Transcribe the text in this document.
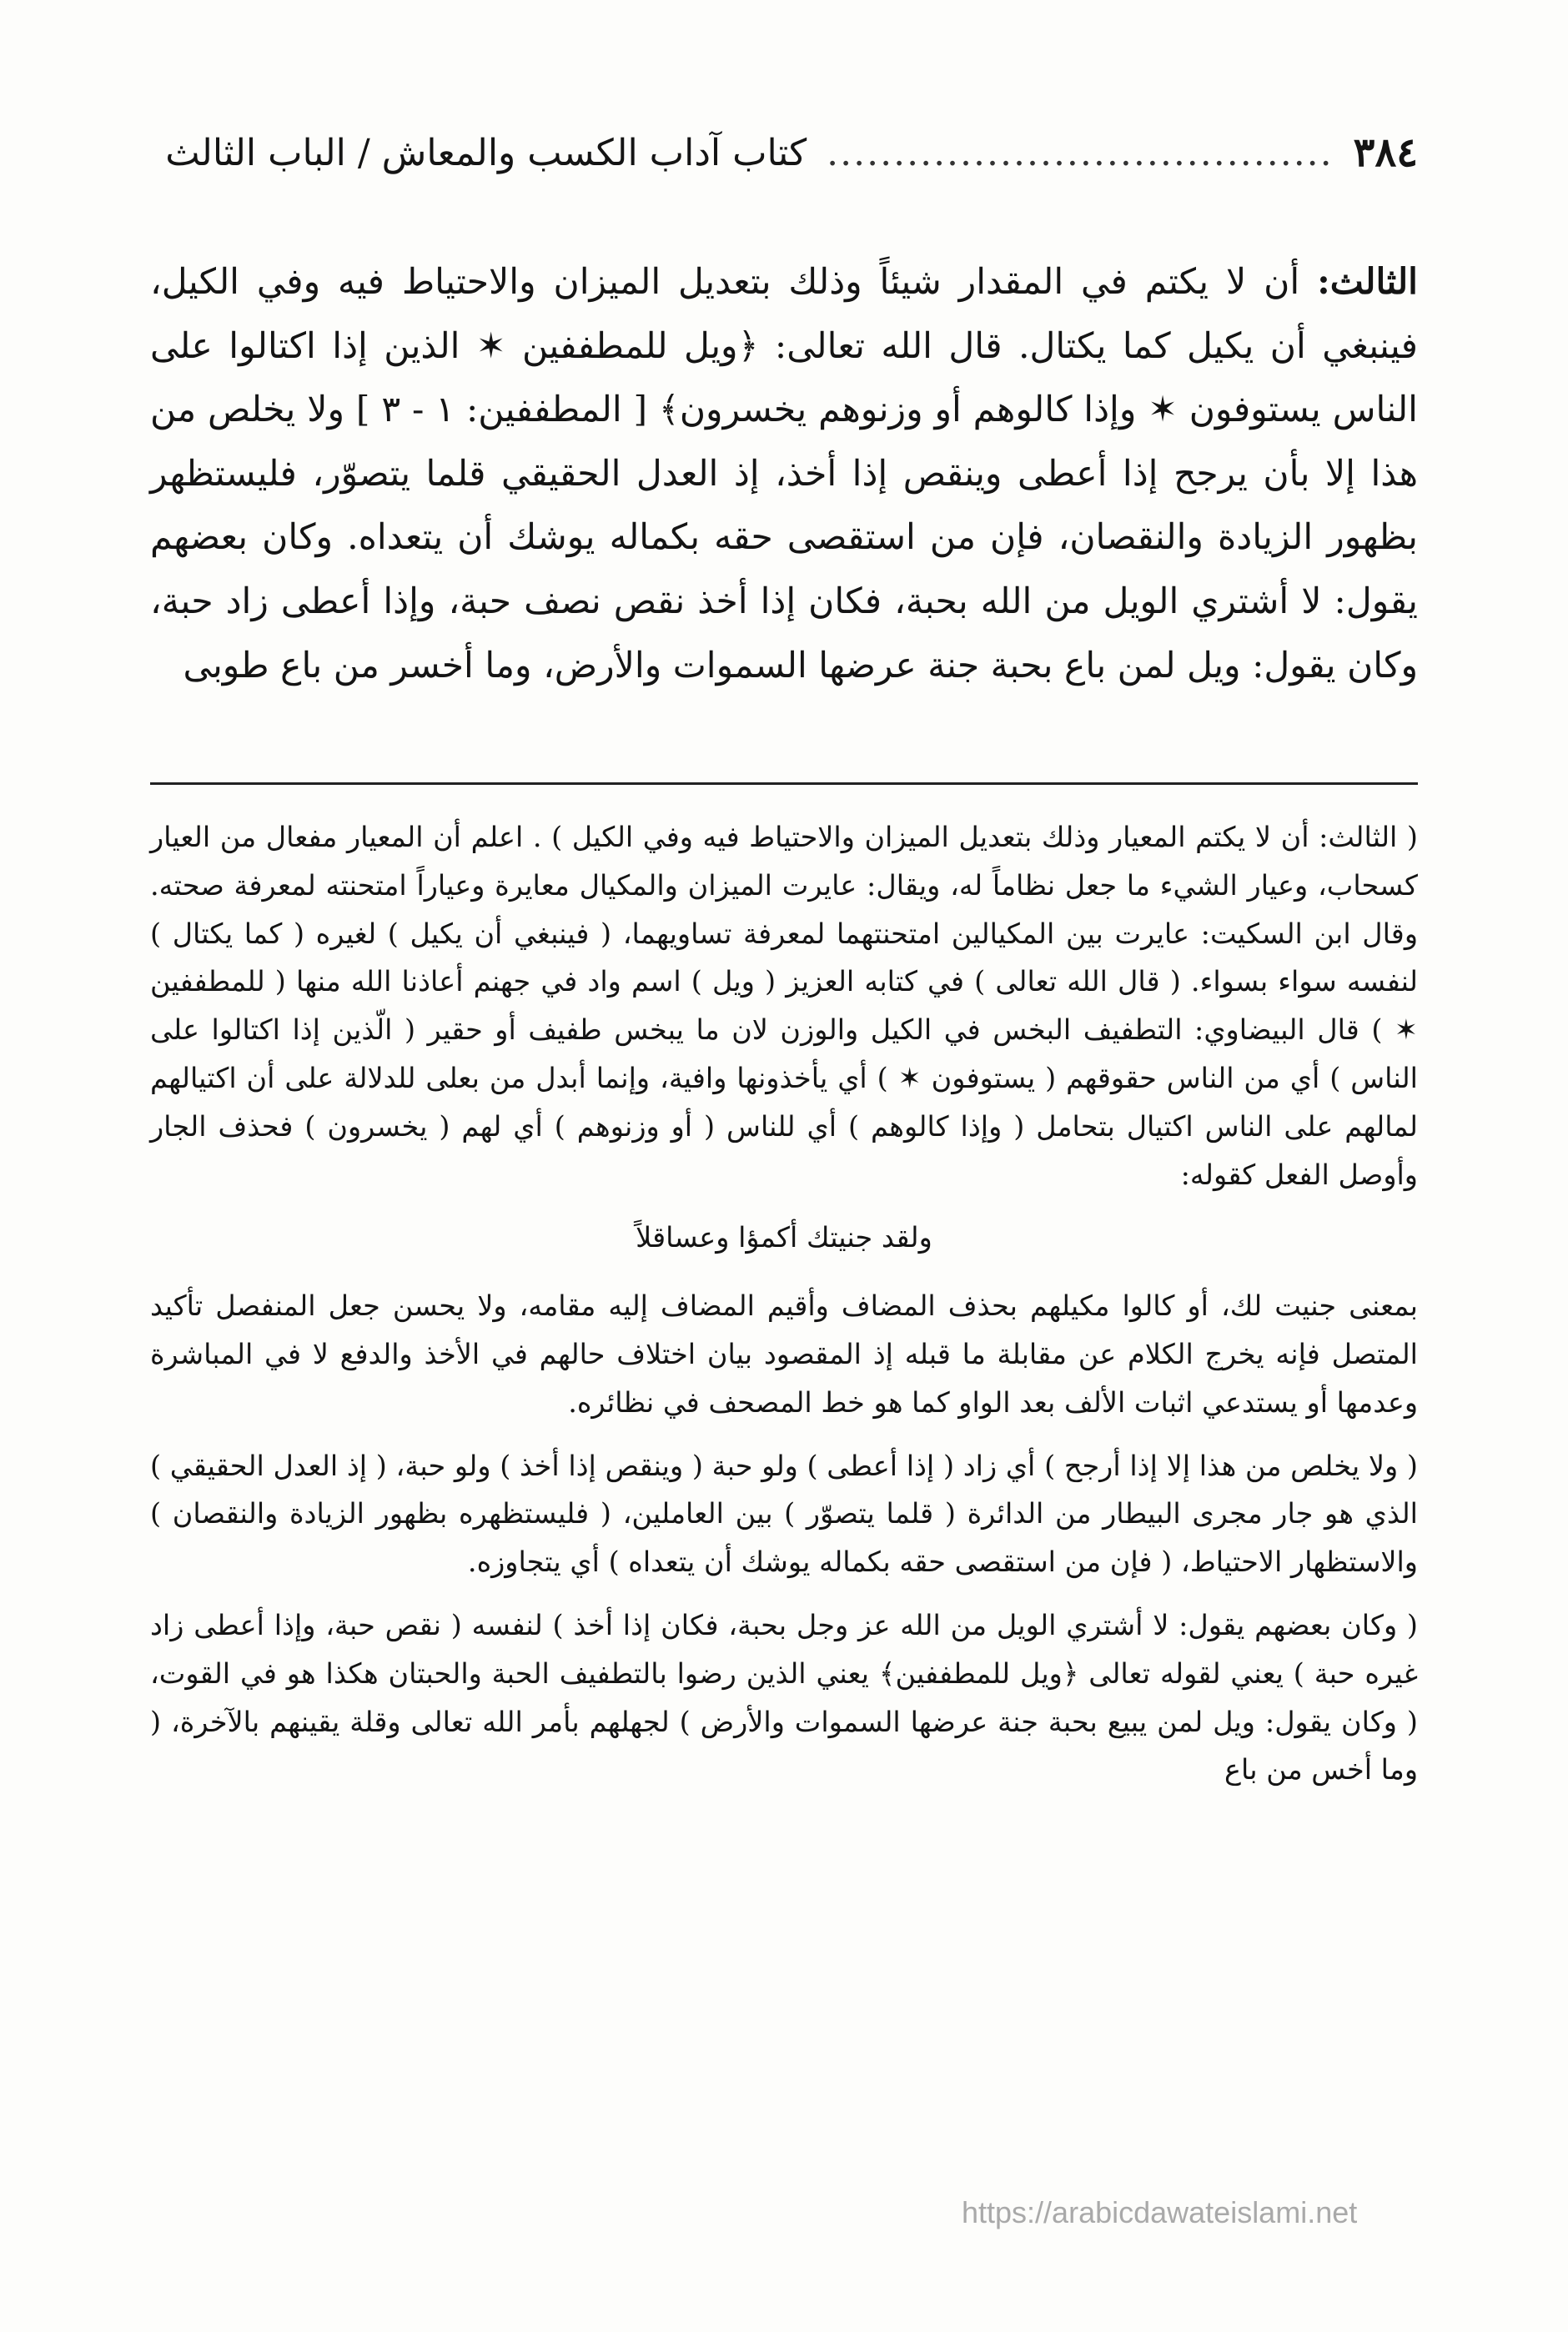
٣٨٤
......................................
كتاب آداب الكسب والمعاش / الباب الثالث

الثالث: أن لا يكتم في المقدار شيئاً وذلك بتعديل الميزان والاحتياط فيه وفي الكيل، فينبغي أن يكيل كما يكتال. قال الله تعالى: ﴿ويل للمطففين ✶ الذين إذا اكتالوا على الناس يستوفون ✶ وإذا كالوهم أو وزنوهم يخسرون﴾ [ المطففين: ١ - ٣ ] ولا يخلص من هذا إلا بأن يرجح إذا أعطى وينقص إذا أخذ، إذ العدل الحقيقي قلما يتصوّر، فليستظهر بظهور الزيادة والنقصان، فإن من استقصى حقه بكماله يوشك أن يتعداه. وكان بعضهم يقول: لا أشتري الويل من الله بحبة، فكان إذا أخذ نقص نصف حبة، وإذا أعطى زاد حبة، وكان يقول: ويل لمن باع بحبة جنة عرضها السموات والأرض، وما أخسر من باع طوبى

( الثالث: أن لا يكتم المعيار وذلك بتعديل الميزان والاحتياط فيه وفي الكيل ) . اعلم أن المعيار مفعال من العيار كسحاب، وعيار الشيء ما جعل نظاماً له، ويقال: عايرت الميزان والمكيال معايرة وعياراً امتحنته لمعرفة صحته. وقال ابن السكيت: عايرت بين المكيالين امتحنتهما لمعرفة تساويهما، ( فينبغي أن يكيل ) لغيره ( كما يكتال ) لنفسه سواء بسواء. ( قال الله تعالى ) في كتابه العزيز ( ويل ) اسم واد في جهنم أعاذنا الله منها ( للمطففين ✶ ) قال البيضاوي: التطفيف البخس في الكيل والوزن لان ما يبخس طفيف أو حقير ( الّذين إذا اكتالوا على الناس ) أي من الناس حقوقهم ( يستوفون ✶ ) أي يأخذونها وافية، وإنما أبدل من بعلى للدلالة على أن اكتيالهم لمالهم على الناس اكتيال بتحامل ( وإذا كالوهم ) أي للناس ( أو وزنوهم ) أي لهم ( يخسرون ) فحذف الجار وأوصل الفعل كقوله:

ولقد جنيتك أكمؤا وعساقلاً

بمعنى جنيت لك، أو كالوا مكيلهم بحذف المضاف وأقيم المضاف إليه مقامه، ولا يحسن جعل المنفصل تأكيد المتصل فإنه يخرج الكلام عن مقابلة ما قبله إذ المقصود بيان اختلاف حالهم في الأخذ والدفع لا في المباشرة وعدمها أو يستدعي اثبات الألف بعد الواو كما هو خط المصحف في نظائره.

( ولا يخلص من هذا إلا إذا أرجح ) أي زاد ( إذا أعطى ) ولو حبة ( وينقص إذا أخذ ) ولو حبة، ( إذ العدل الحقيقي ) الذي هو جار مجرى البيطار من الدائرة ( قلما يتصوّر ) بين العاملين، ( فليستظهره بظهور الزيادة والنقصان ) والاستظهار الاحتياط، ( فإن من استقصى حقه بكماله يوشك أن يتعداه ) أي يتجاوزه.

( وكان بعضهم يقول: لا أشتري الويل من الله عز وجل بحبة، فكان إذا أخذ ) لنفسه ( نقص حبة، وإذا أعطى زاد غيره حبة ) يعني لقوله تعالى ﴿ويل للمطففين﴾ يعني الذين رضوا بالتطفيف الحبة والحبتان هكذا هو في القوت، ( وكان يقول: ويل لمن يبيع بحبة جنة عرضها السموات والأرض ) لجهلهم بأمر الله تعالى وقلة يقينهم بالآخرة، ( وما أخس من باع

https://arabicdawateislami.net
